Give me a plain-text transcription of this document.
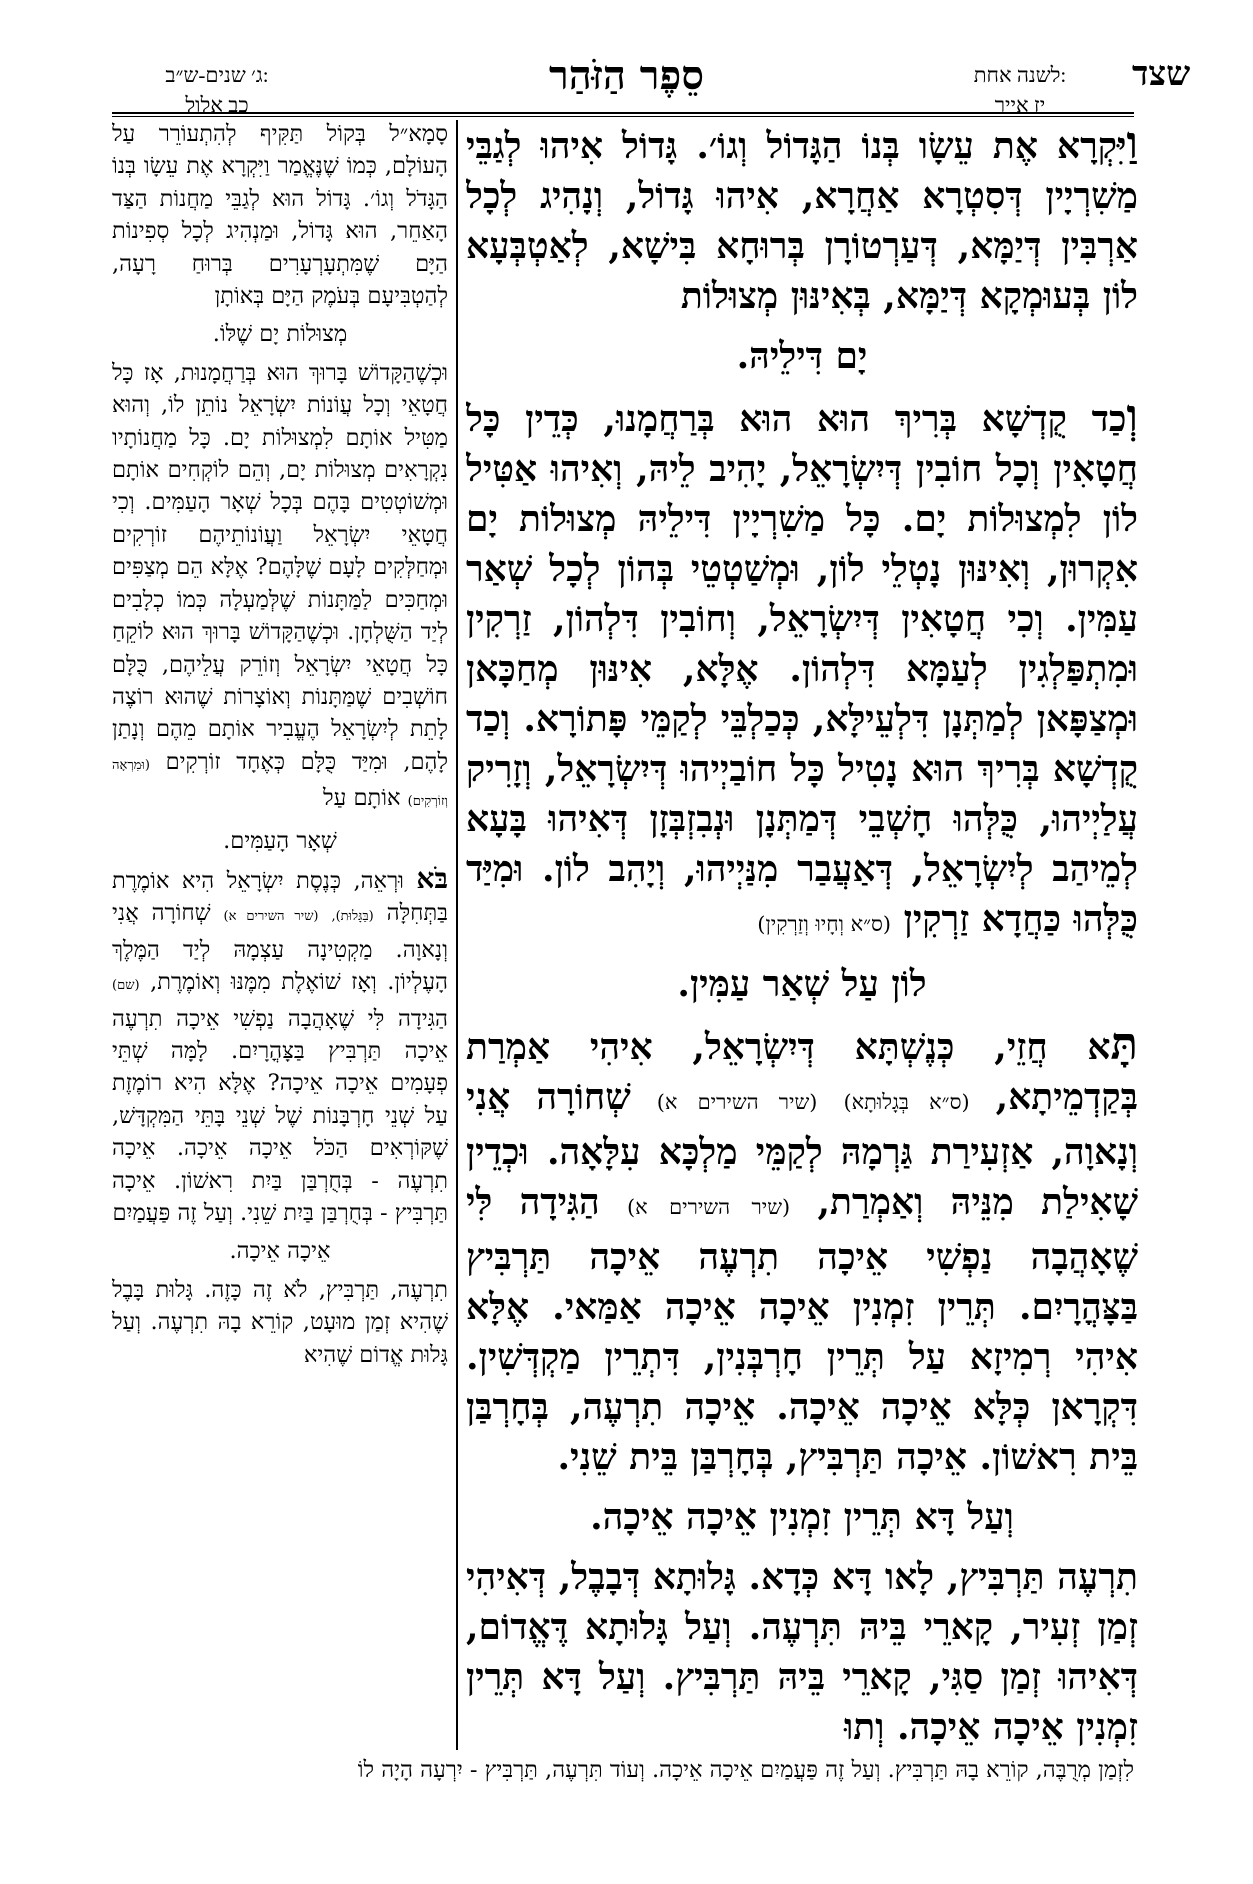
שצד
לשנה אחת:
יז אייר
סֵפֶר הַזֹּהַר
ג׳ שנים-ש״ב:
כב אלול

וַיִּקְרָא אֶת עֵשָׂו בְּנוֹ הַגָּדוֹל וְגוֹ׳. גָּדוֹל אִיהוּ לְגַבֵּי מַשִׁרְיָין דְּסִטְרָא אַחֲרָא, אִיהוּ גָּדוֹל, וְנָהִיג לְכָל אַרְבִּין דְּיַמָּא, דְּעַרְטוֹרָן בְּרוּחָא בִּישָׁא, לְאַטְבְּעָא לוֹן בְּעוּמְקָא דְּיַמָּא, בְּאִינּוּן מְצוּלוֹת

יָם דִּילֵיהּ.

וְכַד קֻדְשָׁא בְּרִיךְ הוּא הוּא בְּרַחֲמָנוּ, כְּדֵין כָּל חֲטָאִין וְכָל חוֹבִין דְּיִשְׂרָאֵל, יָהִיב לֵיהּ, וְאִיהוּ אַטִּיל לוֹן לִמְצוּלוֹת יָם. כָּל מַשִׁרְיָין דִּילֵיהּ מְצוּלוֹת יָם אִקְרוּן, וְאִינּוּן נָטְלֵי לוֹן, וּמְשַׁטְטֵי בְּהוֹן לְכָל שְׁאַר עַמִּין. וְכִי חֲטָאִין דְּיִשְׂרָאֵל, וְחוֹבִין דִּלְהוֹן, זַרְקִין וּמִתְפַּלְגִין לְעַמָּא דִּלְהוֹן. אֶלָּא, אִינּוּן מְחַכָּאן וּמְצַפָּאן לְמַתְּנָן דִּלְעֵילָּא, כְּכַלְבֵּי לְקַמֵּי פָּתוֹרָא. וְכַד קֻדְשָׁא בְּרִיךְ הוּא נָטִיל כָּל חוֹבַיְיהוּ דְּיִשְׂרָאֵל, וְזָרִיק עֲלַיְיהוּ, כֻּלְּהוּ חָשְׁבֵי דְּמַתְּנָן וּנְבִזְבְּזָן דְּאִיהוּ בָּעָא לְמֵיהַב לְיִשְׂרָאֵל, דְּאַעֲבַר מִנַּיְיהוּ, וְיָהִב לוֹן. וּמִיַּד כֻּלְּהוּ כַּחֲדָא זַרְקִין (ס״א וְחָיוּ וְזַרְקִין)

לוֹן עַל שְׁאַר עַמִּין.

תָּא חֲזֵי, כְּנֶשְׁתָּא דְּיִשְׂרָאֵל, אִיהִי אַמְרַת בְּקַדְמֵיתָא, (ס״א בְּגָלוּתָא) (שיר השירים א) שְׁחוֹרָה אֲנִי וְנָאוָה, אַזְעִירַת גַּרְמָהּ לְקַמֵּי מַלְכָּא עִלָּאָה. וּכְדֵין שָׁאִילַת מִנֵּיהּ וְאַמְרַת, (שיר השירים א) הַגִּידָה לִּי שֶׁאָהֲבָה נַפְשִׁי אֵיכָה תִרְעֶה אֵיכָה תַּרְבִּיץ בַּצָּהֳרָיִם. תְּרֵין זִמְנִין אֵיכָה אֵיכָה אַמַּאי. אֶלָּא אִיהִי רְמִיזָא עַל תְּרֵין חָרְבְּנִין, דִּתְרֵין מַקְדְּשִׁין. דִּקְרָאן כְּלָּא אֵיכָה אֵיכָה. אֵיכָה תִרְעֶה, בְּחָרְבַּן בֵּית רִאשׁוֹן. אֵיכָה תַּרְבִּיץ, בְּחָרְבַּן בֵּית שֵׁנִי.

וְעַל דָּא תְּרֵין זִמְנִין אֵיכָה אֵיכָה.

תִרְעֶה תַּרְבִּיץ, לָאו דָּא כְּדָא. גָּלוּתָא דְּבָבֶל, דְּאִיהִי זְמַן זְעִיר, קָארֵי בֵּיהּ תִּרְעֶה. וְעַל גָּלוּתָא דֶּאֱדוֹם, דְּאִיהוּ זְמַן סַגִּי, קָארֵי בֵּיהּ תַּרְבִּיץ. וְעַל דָּא תְּרֵין זִמְנִין אֵיכָה אֵיכָה. וְתוּ

סָמָא״ל בְּקוֹל תַּקִּיף לְהִתְעוֹרֵר עַל הָעוֹלָם, כְּמוֹ שֶׁנֶּאֱמַר וַיִּקְרָא אֶת עֵשָׂו בְּנוֹ הַגָּדֹל וְגוֹ׳. גָּדוֹל הוּא לְגַבֵּי מַחֲנוֹת הַצַּד הָאַחֵר, הוּא גָּדוֹל, וּמַנְהִיג לְכָל סְפִינוֹת הַיָּם שֶׁמִּתְעָרְעָרִים בְּרוּחַ רָעָה, לְהַטְבִּיעָם בְּעֹמֶק הַיָּם בְּאוֹתָן

מְצוּלוֹת יָם שֶׁלּוֹ.

וּכְשֶׁהַקָּדוֹשׁ בָּרוּךְ הוּא בְּרַחֲמָנוּת, אָז כָּל חֲטָאֵי וְכָל עֲוֹנוֹת יִשְׂרָאֵל נוֹתֵן לוֹ, וְהוּא מַטִּיל אוֹתָם לִמְצוּלוֹת יָם. כָּל מַחֲנוֹתָיו נִקְרָאִים מְצוּלוֹת יָם, וְהֵם לוֹקְחִים אוֹתָם וּמְשׁוֹטְטִים בָּהֶם בְּכָל שְׁאָר הָעַמִּים. וְכִי חֲטָאֵי יִשְׂרָאֵל וַעֲוֹנוֹתֵיהֶם זוֹרְקִים וּמְחַלְּקִים לָעָם שֶׁלָּהֶם? אֶלָּא הֵם מְצַפִּים וּמְחַכִּים לַמַּתָּנוֹת שֶׁלְּמַעְלָה כְּמוֹ כְלָבִים לְיַד הַשֻּׁלְחָן. וּכְשֶׁהַקָּדוֹשׁ בָּרוּךְ הוּא לוֹקֵחַ כָּל חֲטָאֵי יִשְׂרָאֵל וְזוֹרֵק עֲלֵיהֶם, כֻּלָּם חוֹשְׁבִים שֶׁמַּתָּנוֹת וְאוֹצָרוֹת שֶׁהוּא רוֹצֶה לָתֵת לְיִשְׂרָאֵל הֶעֱבִיר אוֹתָם מֵהֶם וְנָתַן לָהֶם, וּמִיַּד כֻּלָּם כְּאֶחָד זוֹרְקִים (וּמִרְאָה וְזוֹרְקִים) אוֹתָם עַל

שְׁאָר הָעַמִּים.

בֹּא וּרְאֵה, כְּנֶסֶת יִשְׂרָאֵל הִיא אוֹמֶרֶת בַּתְּחִלָּה (בַּגָּלוּת), (שיר השירים א) שְׁחוֹרָה אֲנִי וְנָאוָה. מַקְטִינָה עַצְמָהּ לְיַד הַמֶּלֶךְ הָעֶלְיוֹן. וְאָז שׁוֹאֶלֶת מִמֶּנּוּ וְאוֹמֶרֶת, (שם) הַגִּידָה לִּי שֶׁאָהֲבָה נַפְשִׁי אֵיכָה תִרְעֶה אֵיכָה תַּרְבִּיץ בַּצָּהֳרָיִם. לָמָּה שְׁתֵּי פְעָמִים אֵיכָה אֵיכָה? אֶלָּא הִיא רוֹמֶזֶת עַל שְׁנֵי חָרְבָּנוֹת שֶׁל שְׁנֵי בָּתֵּי הַמִּקְדָּשׁ, שֶׁקּוֹרְאִים הַכֹּל אֵיכָה אֵיכָה. אֵיכָה תִרְעֶה - בְּחֻרְבַּן בַּיִת רִאשׁוֹן. אֵיכָה תַּרְבִּיץ - בְּחֻרְבַּן בַּיִת שֵׁנִי. וְעַל זֶה פַּעֲמַיִם

אֵיכָה אֵיכָה.

תִרְעֶה, תַּרְבִּיץ, לֹא זֶה כָּזֶה. גָּלוּת בָּבֶל שֶׁהִיא זְמַן מוּעָט, קוֹרֵא בָהּ תִרְעֶה. וְעַל גָּלוּת אֱדוֹם שֶׁהִיא

לִזְמַן מְרֻבֶּה, קוֹרֵא בָהּ תַּרְבִּיץ. וְעַל זֶה פַּעֲמַיִם אֵיכָה אֵיכָה. וְעוֹד תִּרְעֶה, תַּרְבִּיץ - יִרְעָה הָיָה לוֹ
